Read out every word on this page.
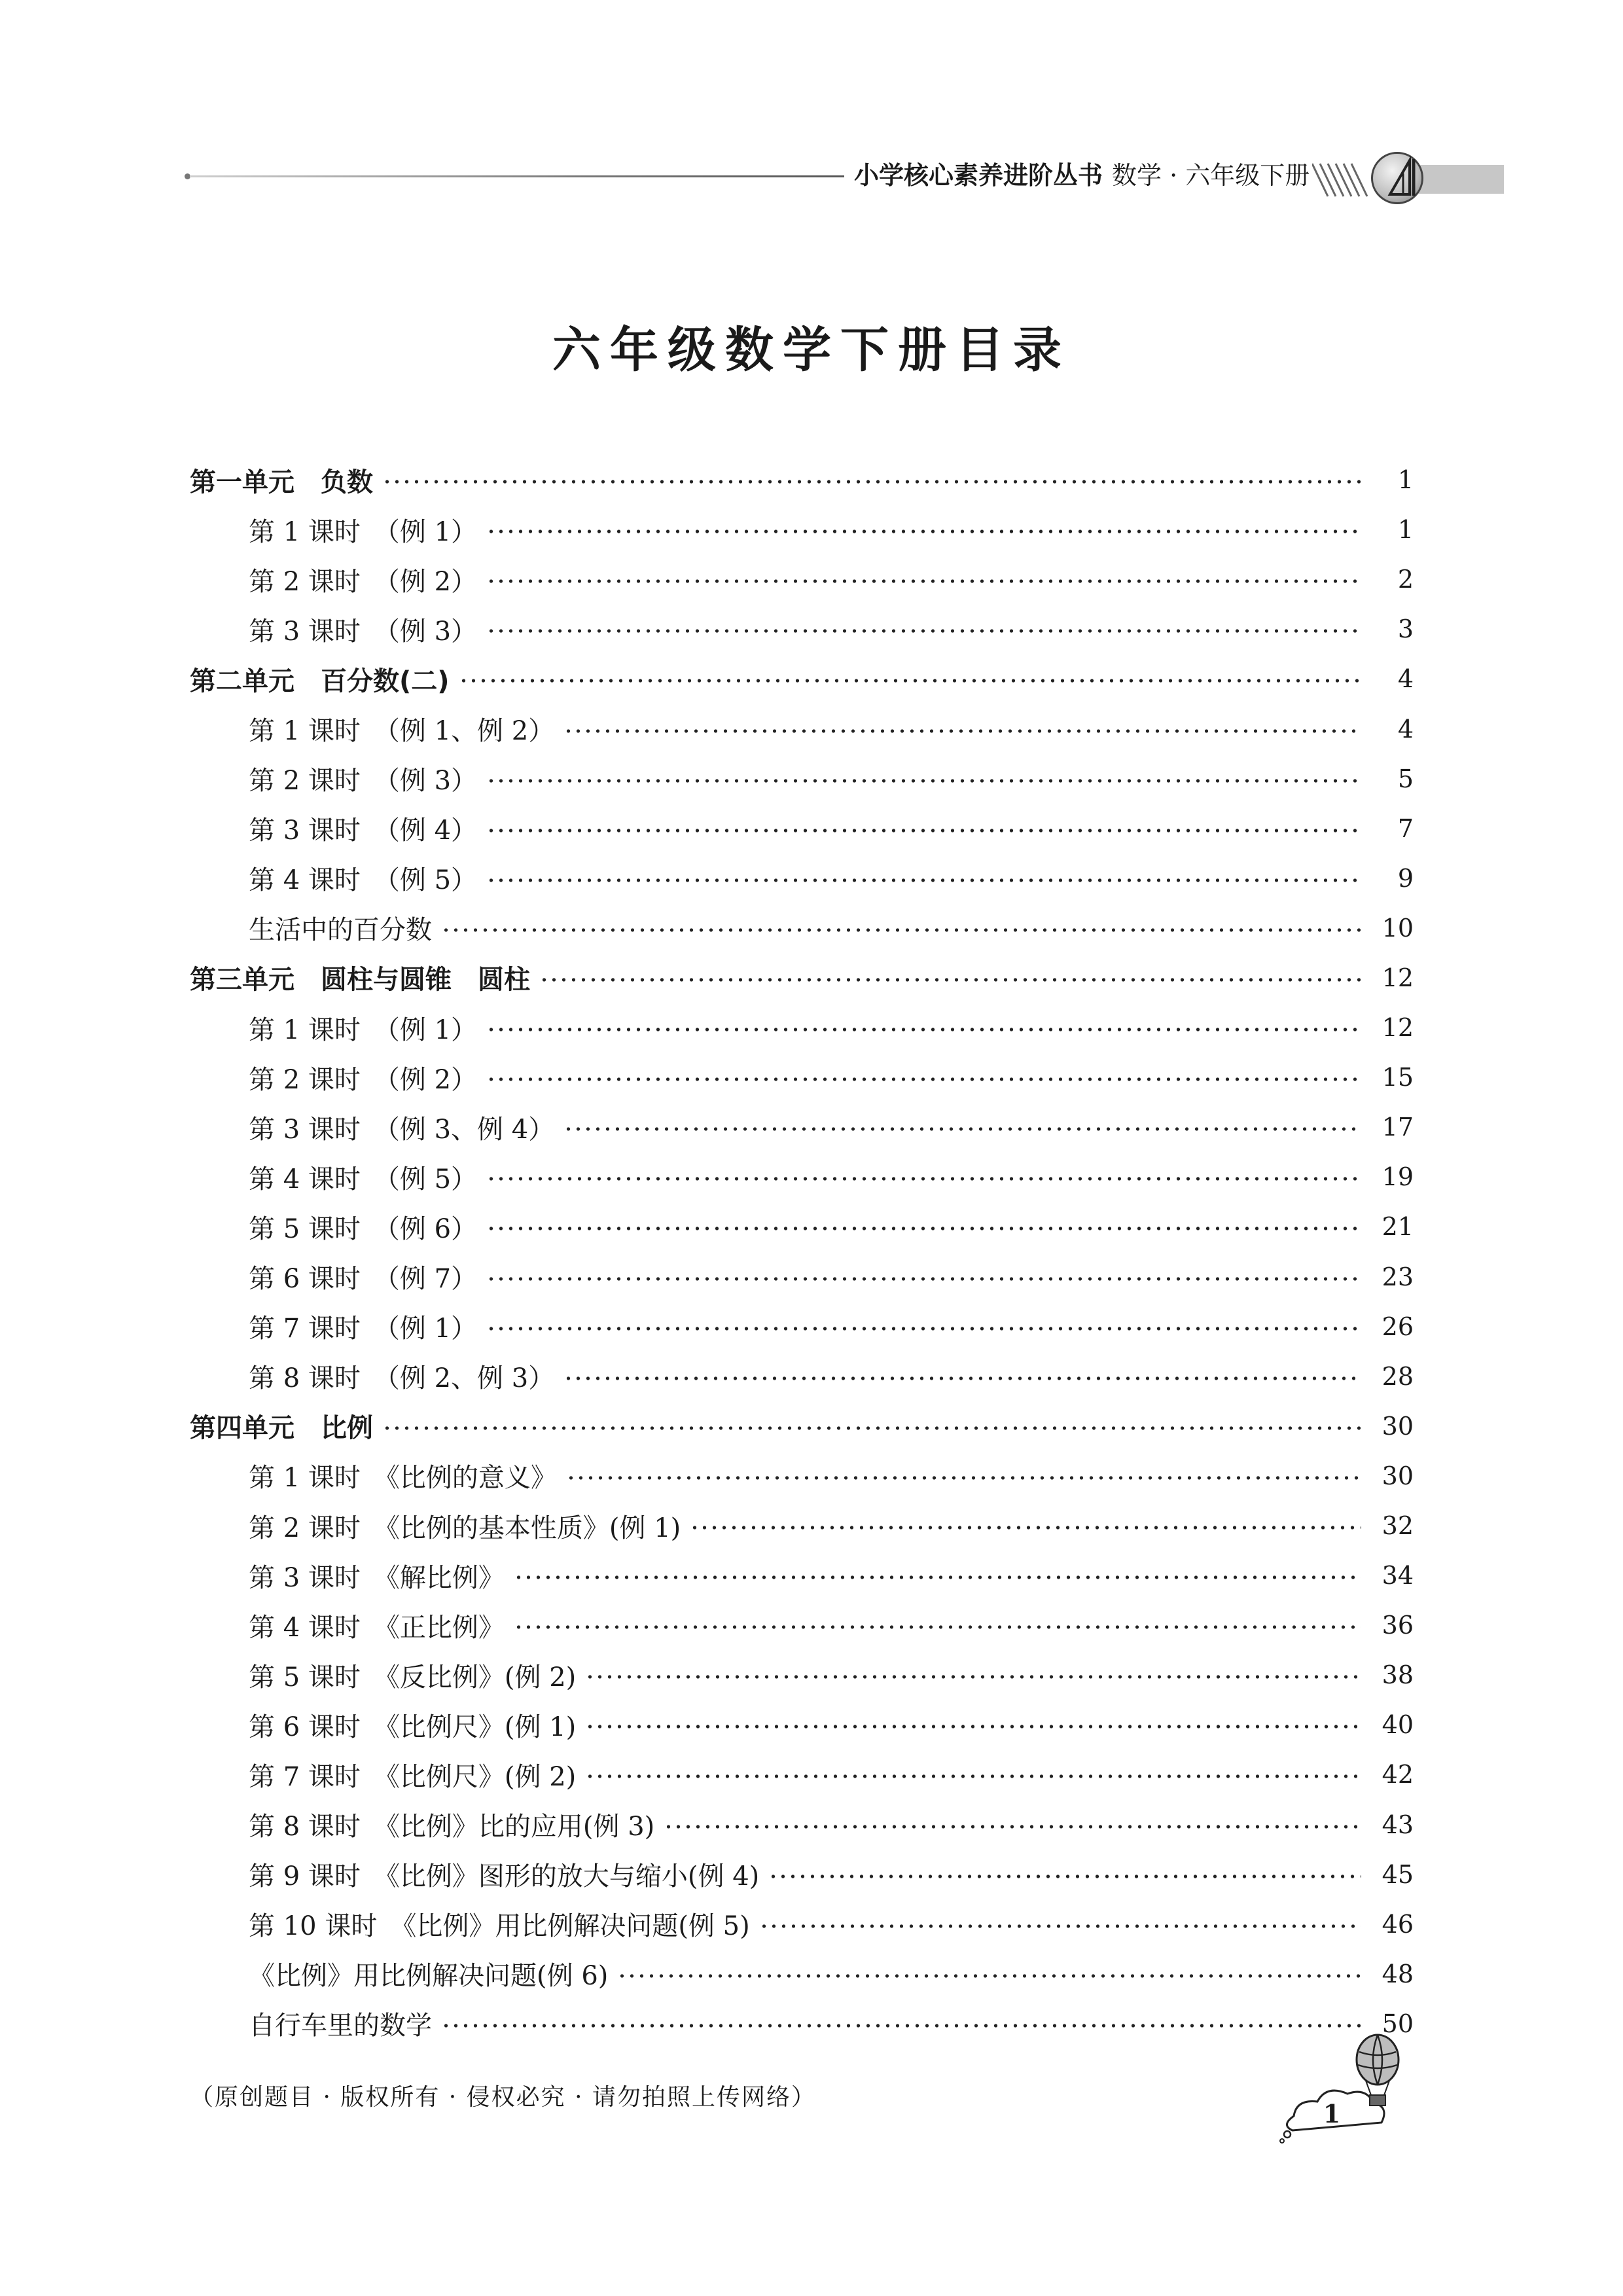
小学核心素养进阶丛书 数学 · 六年级下册
六年级数学下册目录
第一单元　负数	1
第 1 课时　（例 1）	1
第 2 课时　（例 2）	2
第 3 课时　（例 3）	3
第二单元　百分数(二)	4
第 1 课时　（例 1、例 2）	4
第 2 课时　（例 3）	5
第 3 课时　（例 4）	7
第 4 课时　（例 5）	9
生活中的百分数	10
第三单元　圆柱与圆锥　圆柱	12
第 1 课时　（例 1）	12
第 2 课时　（例 2）	15
第 3 课时　（例 3、例 4）	17
第 4 课时　（例 5）	19
第 5 课时　（例 6）	21
第 6 课时　（例 7）	23
第 7 课时　（例 1）	26
第 8 课时　（例 2、例 3）	28
第四单元　比例	30
第 1 课时　《比例的意义》	30
第 2 课时　《比例的基本性质》(例 1)	32
第 3 课时　《解比例》	34
第 4 课时　《正比例》	36
第 5 课时　《反比例》(例 2)	38
第 6 课时　《比例尺》(例 1)	40
第 7 课时　《比例尺》(例 2)	42
第 8 课时　《比例》比的应用(例 3)	43
第 9 课时　《比例》图形的放大与缩小(例 4)	45
第 10 课时　《比例》用比例解决问题(例 5)	46
《比例》用比例解决问题(例 6)	48
自行车里的数学	50
（原创题目 · 版权所有 · 侵权必究 · 请勿拍照上传网络）
1
